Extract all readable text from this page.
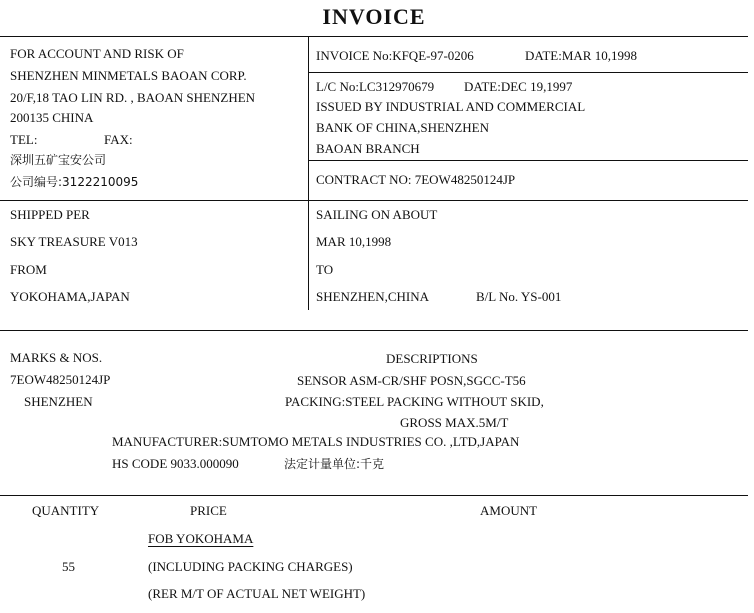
INVOICE
FOR ACCOUNT AND RISK OF
SHENZHEN MINMETALS BAOAN CORP.
20/F,18 TAO LIN RD. , BAOAN SHENZHEN
200135 CHINA
TEL:	FAX:
深圳五矿宝安公司
公司编号:3122210095
INVOICE No:KFQE-97-0206	DATE:MAR 10,1998
L/C No:LC312970679 DATE:DEC 19,1997
ISSUED BY INDUSTRIAL AND COMMERCIAL
BANK OF CHINA,SHENZHEN
BAOAN BRANCH
CONTRACT NO: 7EOW48250124JP
SHIPPED PER
SKY TREASURE V013
FROM
YOKOHAMA,JAPAN
SAILING ON ABOUT
MAR 10,1998
TO
SHENZHEN,CHINA	B/L No. YS-001
MARKS & NOS.
7EOW48250124JP
SHENZHEN
DESCRIPTIONS
SENSOR ASM-CR/SHF POSN,SGCC-T56
PACKING:STEEL PACKING WITHOUT SKID,
GROSS MAX.5M/T
MANUFACTURER:SUMTOMO METALS INDUSTRIES CO. ,LTD,JAPAN
HS CODE 9033.000090	法定计量单位:千克
QUANTITY	PRICE	AMOUNT
FOB YOKOHAMA
55	(INCLUDING PACKING CHARGES)
(RER M/T OF ACTUAL NET WEIGHT)
